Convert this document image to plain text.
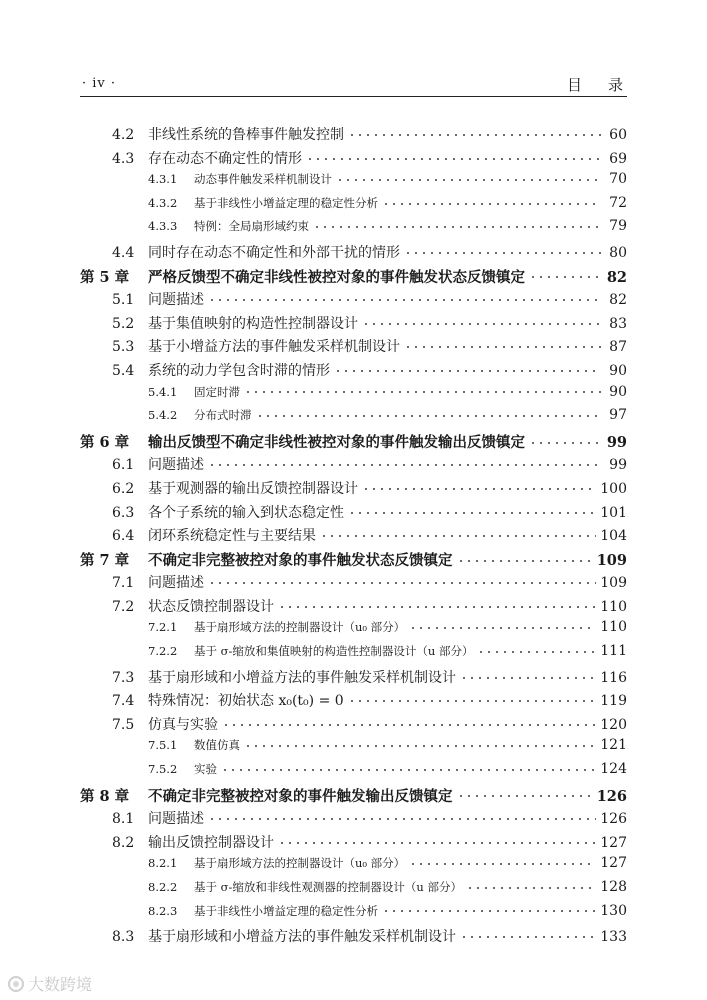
· iv ·	目录
4.2 非线性系统的鲁棒事件触发控制	60
4.3 存在动态不确定性的情形	69
4.3.1	动态事件触发采样机制设计	70
4.3.2	基于非线性小增益定理的稳定性分析	72
4.3.3	特例：全局扇形域约束	79
4.4 同时存在动态不确定性和外部干扰的情形	80
第 5 章	严格反馈型不确定非线性被控对象的事件触发状态反馈镇定	82
5.1 问题描述	82
5.2 基于集值映射的构造性控制器设计	83
5.3 基于小增益方法的事件触发采样机制设计	87
5.4 系统的动力学包含时滞的情形	90
5.4.1	固定时滞	90
5.4.2	分布式时滞	97
第 6 章	输出反馈型不确定非线性被控对象的事件触发输出反馈镇定	99
6.1 问题描述	99
6.2 基于观测器的输出反馈控制器设计	100
6.3 各个子系统的输入到状态稳定性	101
6.4 闭环系统稳定性与主要结果	104
第 7 章	不确定非完整被控对象的事件触发状态反馈镇定	109
7.1 问题描述	109
7.2 状态反馈控制器设计	110
7.2.1	基于扇形域方法的控制器设计（u₀ 部分）	110
7.2.2	基于 σ-缩放和集值映射的构造性控制器设计（u 部分）	111
7.3 基于扇形域和小增益方法的事件触发采样机制设计	116
7.4 特殊情况：初始状态 x₀(t₀) = 0	119
7.5 仿真与实验	120
7.5.1	数值仿真	121
7.5.2	实验	124
第 8 章	不确定非完整被控对象的事件触发输出反馈镇定	126
8.1 问题描述	126
8.2 输出反馈控制器设计	127
8.2.1	基于扇形域方法的控制器设计（u₀ 部分）	127
8.2.2	基于 σ-缩放和非线性观测器的控制器设计（u 部分）	128
8.2.3	基于非线性小增益定理的稳定性分析	130
8.3 基于扇形域和小增益方法的事件触发采样机制设计	133
大数跨境
